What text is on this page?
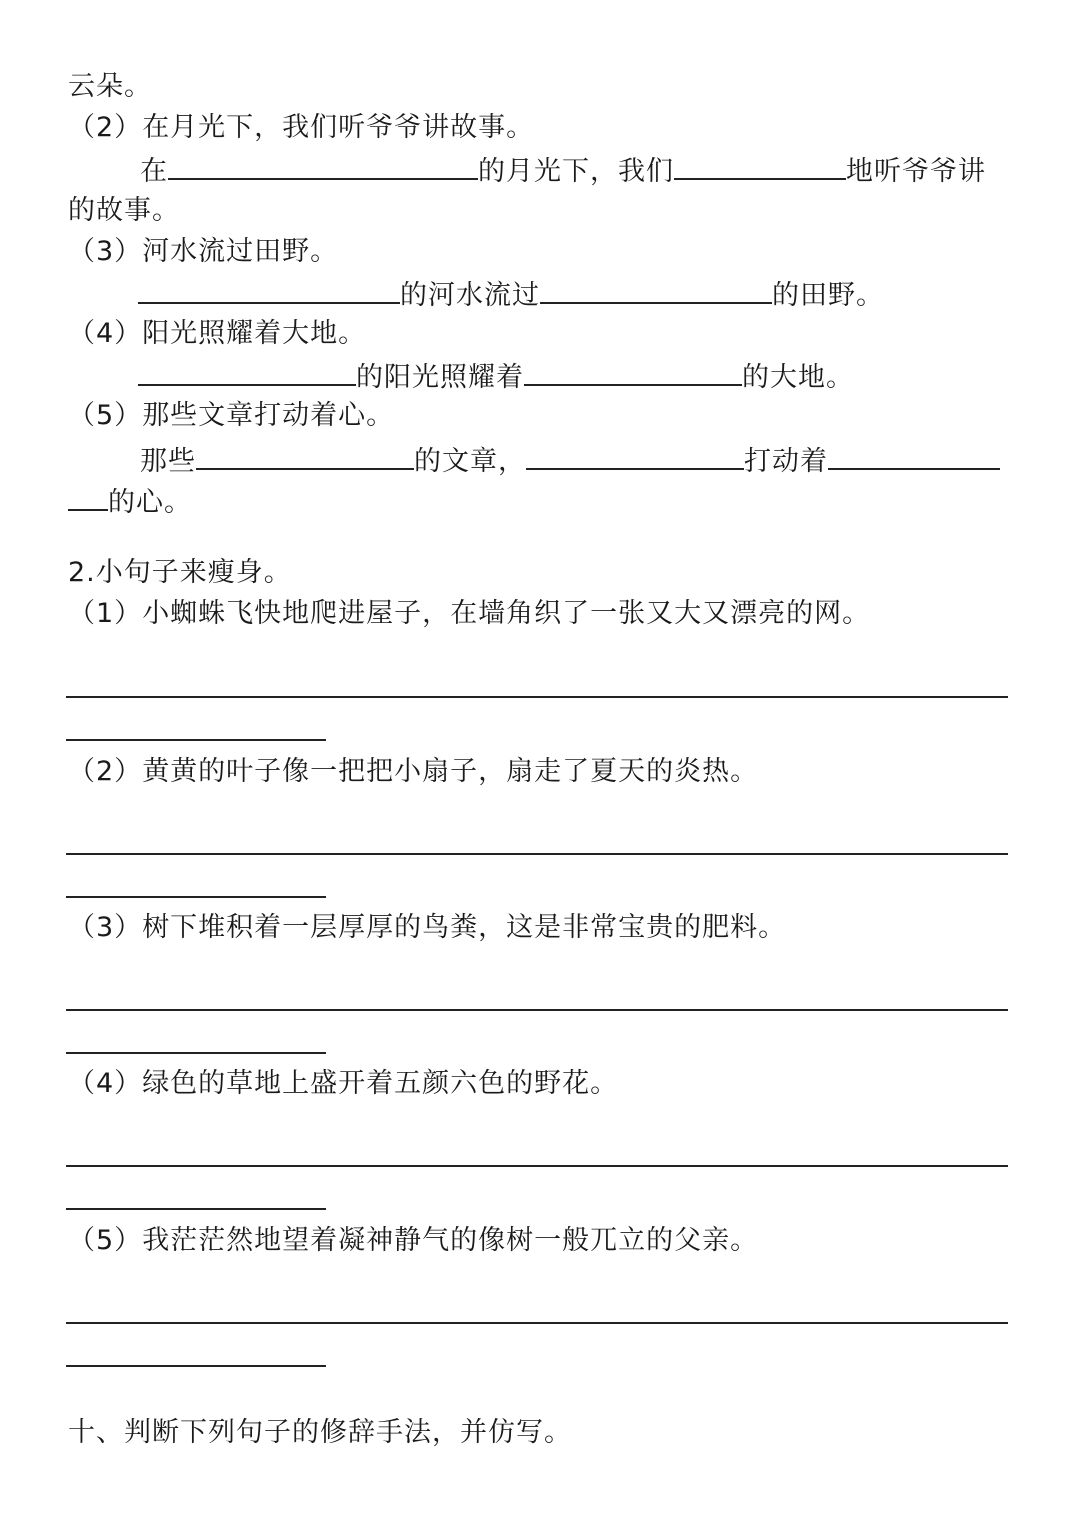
云朵。
（2）在月光下，我们听爷爷讲故事。
在	的月光下，我们	地听爷爷讲
的故事。
（3）河水流过田野。
的河水流过	的田野。
（4）阳光照耀着大地。
的阳光照耀着	的大地。
（5）那些文章打动着心。
那些	的文章，	打动着
的心。
2.小句子来瘦身。
（1）小蜘蛛飞快地爬进屋子，在墙角织了一张又大又漂亮的网。
（2）黄黄的叶子像一把把小扇子，扇走了夏天的炎热。
（3）树下堆积着一层厚厚的鸟粪，这是非常宝贵的肥料。
（4）绿色的草地上盛开着五颜六色的野花。
（5）我茫茫然地望着凝神静气的像树一般兀立的父亲。
十、判断下列句子的修辞手法，并仿写。
